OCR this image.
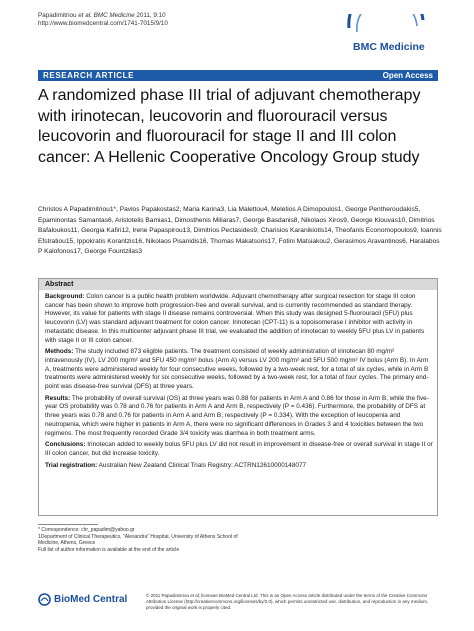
Papadimitriou et al. BMC Medicine 2011, 9:10
http://www.biomedcentral.com/1741-7015/9/10
BMC Medicine
RESEARCH ARTICLE	Open Access
A randomized phase III trial of adjuvant chemotherapy with irinotecan, leucovorin and fluorouracil versus leucovorin and fluorouracil for stage II and III colon cancer: A Hellenic Cooperative Oncology Group study
Christos A Papadimitriou1*, Pavlos Papakostas2, Maria Karina3, Lia Malettou4, Meletios A Dimopoulos1, George Pentheroudakis5, Epaminontas Samantas6, Aristotelis Bamias1, Dimosthenis Miliaras7, George Basdanis8, Nikolaos Xiros9, George Klouvas10, Dimitrios Bafaloukos11, Georgia Kafiri12, Irene Papaspirou13, Dimitrios Pectasides9, Charisios Karanikiotis14, Theofanis Economopoulos9, Ioannis Efstratiou15, Ippokratis Korantzis16, Nikolaos Pisanidis16, Thomas Makatsoris17, Fotini Matsiakou2, Gerasimos Aravantinos6, Haralabos P Kalofonos17, George Fountzilas3
Abstract

Background: Colon cancer is a public health problem worldwide. Adjuvant chemotherapy after surgical resection for stage III colon cancer has been shown to improve both progression-free and overall survival, and is currently recommended as standard therapy. However, its value for patients with stage II disease remains controversial. When this study was designed 5-fluorouracil (5FU) plus leucovorin (LV) was standard adjuvant treatment for colon cancer. Irinotecan (CPT-11) is a topoisomerase I inhibitor with activity in metastatic disease. In this multicenter adjuvant phase III trial, we evaluated the addition of irinotecan to weekly 5FU plus LV in patients with stage II or III colon cancer.

Methods: The study included 873 eligible patients. The treatment consisted of weekly administration of irinotecan 80 mg/m² intravenously (IV), LV 200 mg/m² and 5FU 450 mg/m² bolus (Arm A) versus LV 200 mg/m² and 5FU 500 mg/m² IV bolus (Arm B). In Arm A, treatments were administered weekly for four consecutive weeks, followed by a two-week rest, for a total of six cycles, while in Arm B treatments were administered weekly for six consecutive weeks, followed by a two-week rest, for a total of four cycles. The primary end-point was disease-free survival (DFS) at three years.

Results: The probability of overall survival (OS) at three years was 0.88 for patients in Arm A and 0.86 for those in Arm B, while the five-year OS probability was 0.78 and 0.76 for patients in Arm A and Arm B, respectively (P = 0.436). Furthermore, the probability of DFS at three years was 0.78 and 0.76 for patients in Arm A and Arm B, respectively (P = 0.334). With the exception of leucopenia and neutropenia, which were higher in patients in Arm A, there were no significant differences in Grades 3 and 4 toxicities between the two regimens. The most frequently recorded Grade 3/4 toxicity was diarrhea in both treatment arms.

Conclusions: Irinotecan added to weekly bolus 5FU plus LV did not result in improvement in disease-free or overall survival in stage II or III colon cancer, but did increase toxicity.

Trial registration: Australian New Zealand Clinical Trials Registry: ACTRN12610000148077

* Correspondence: chr_papadim@yahoo.gr
1Department of Clinical Therapeutics, "Alexandra" Hospital, University of Athens School of Medicine, Athens, Greece
Full list of author information is available at the end of the article
BioMed Central	© 2011 Papadimitriou et al; licensee BioMed Central Ltd. This is an Open Access article distributed under the terms of the Creative Commons Attribution License (http://creativecommons.org/licenses/by/2.0), which permits unrestricted use, distribution, and reproduction in any medium, provided the original work is properly cited.
